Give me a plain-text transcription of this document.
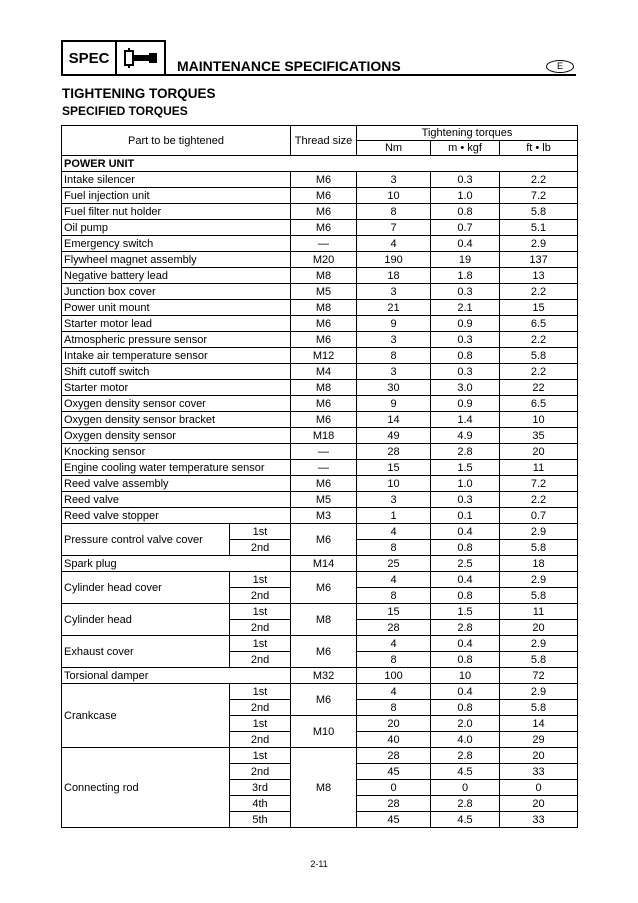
SPEC	MAINTENANCE SPECIFICATIONS	E
TIGHTENING TORQUES
SPECIFIED TORQUES
Part to be tightened		Thread size	Tightening torques		
			Nm	m • kgf	ft • lb
POWER UNIT					
Intake silencer		M6	3	0.3	2.2
Fuel injection unit		M6	10	1.0	7.2
Fuel filter nut holder		M6	8	0.8	5.8
Oil pump		M6	7	0.7	5.1
Emergency switch		—	4	0.4	2.9
Flywheel magnet assembly		M20	190	19	137
Negative battery lead		M8	18	1.8	13
Junction box cover		M5	3	0.3	2.2
Power unit mount		M8	21	2.1	15
Starter motor lead		M6	9	0.9	6.5
Atmospheric pressure sensor		M6	3	0.3	2.2
Intake air temperature sensor		M12	8	0.8	5.8
Shift cutoff switch		M4	3	0.3	2.2
Starter motor		M8	30	3.0	22
Oxygen density sensor cover		M6	9	0.9	6.5
Oxygen density sensor bracket		M6	14	1.4	10
Oxygen density sensor		M18	49	4.9	35
Knocking sensor		—	28	2.8	20
Engine cooling water temperature sensor		—	15	1.5	11
Reed valve assembly		M6	10	1.0	7.2
Reed valve		M5	3	0.3	2.2
Reed valve stopper		M3	1	0.1	0.7
Pressure control valve cover	1st	M6	4	0.4	2.9
	2nd		8	0.8	5.8
Spark plug		M14	25	2.5	18
Cylinder head cover	1st	M6	4	0.4	2.9
	2nd		8	0.8	5.8
Cylinder head	1st	M8	15	1.5	11
	2nd		28	2.8	20
Exhaust cover	1st	M6	4	0.4	2.9
	2nd		8	0.8	5.8
Torsional damper		M32	100	10	72
Crankcase	1st	M6	4	0.4	2.9
	2nd		8	0.8	5.8
	1st	M10	20	2.0	14
	2nd		40	4.0	29
Connecting rod	1st	M8	28	2.8	20
	2nd		45	4.5	33
	3rd		0	0	0
	4th		28	2.8	20
	5th		45	4.5	33
2-11
